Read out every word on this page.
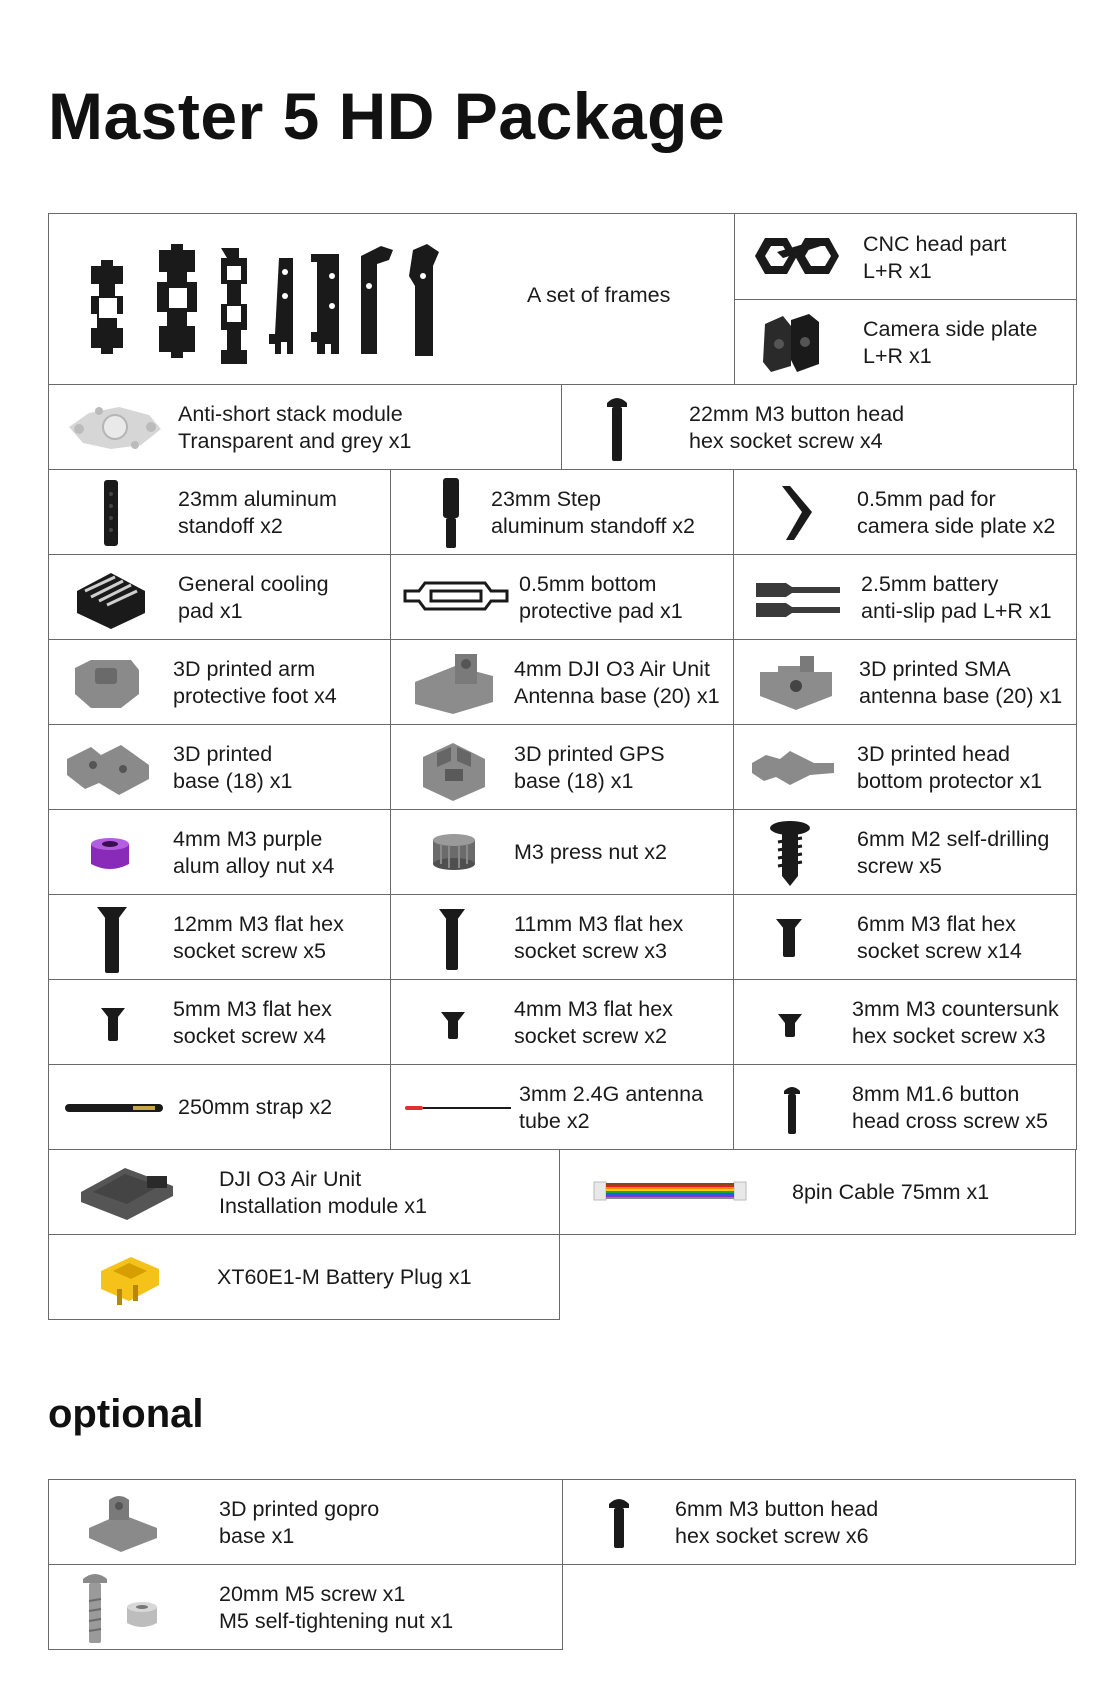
Master 5 HD Package
A set of frames
CNC head part
L+R x1
Camera side plate
L+R x1
Anti-short stack module
Transparent and grey x1
22mm M3 button head
hex socket screw x4
23mm aluminum
standoff x2
23mm Step
aluminum standoff x2
0.5mm pad for
camera side plate x2
General cooling
pad x1
0.5mm bottom
protective pad x1
2.5mm battery
anti-slip pad L+R x1
3D printed arm
protective foot x4
4mm DJI O3 Air Unit
Antenna base (20) x1
3D printed SMA
antenna base (20) x1
3D printed
base (18) x1
3D printed GPS
base (18) x1
3D printed head
bottom protector x1
4mm M3 purple
alum alloy nut x4
M3 press nut x2
6mm M2 self-drilling
screw x5
12mm M3 flat hex
socket screw x5
11mm M3 flat hex
socket screw x3
6mm M3 flat hex
socket screw x14
5mm M3 flat hex
socket screw x4
4mm M3 flat hex
socket screw x2
3mm M3 countersunk
hex socket screw x3
250mm strap x2
3mm 2.4G antenna
tube x2
8mm M1.6 button
head cross screw x5
DJI O3 Air Unit
Installation module x1
8pin Cable 75mm x1
XT60E1-M Battery Plug x1
optional
3D printed gopro
base x1
6mm M3 button head
hex socket screw x6
20mm M5 screw x1
M5 self-tightening nut x1
